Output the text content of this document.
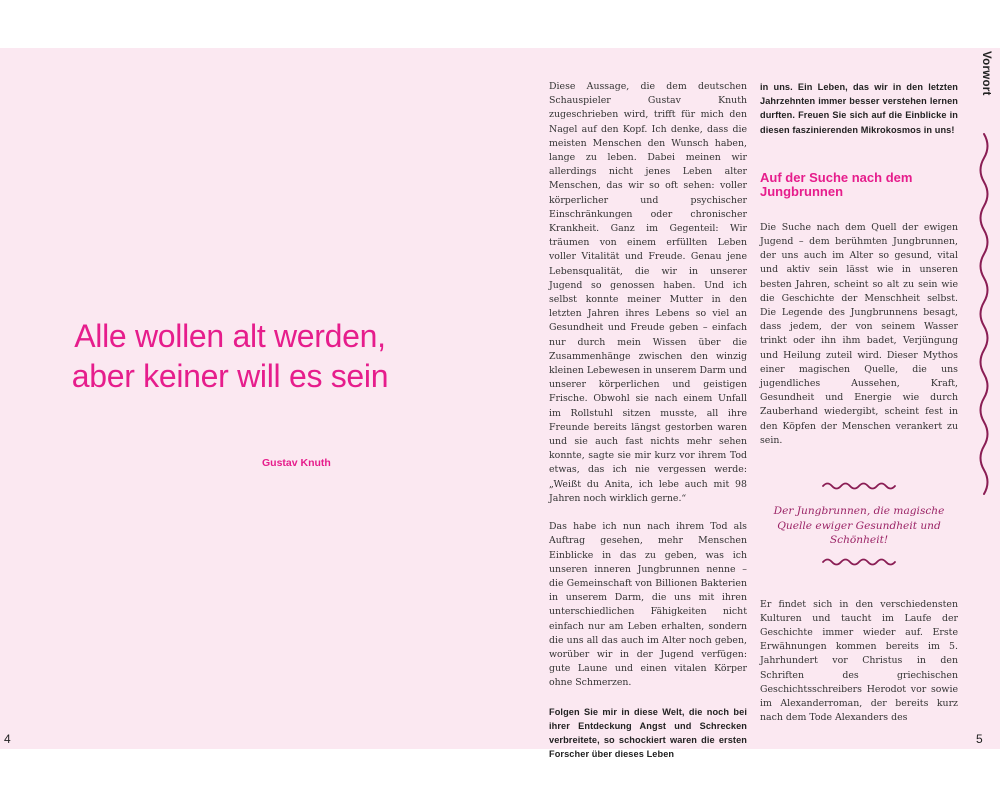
Alle wollen alt werden, aber keiner will es sein
Gustav Knuth
4

Diese Aussage, die dem deutschen Schauspieler Gustav Knuth zugeschrieben wird, trifft für mich den Nagel auf den Kopf. Ich denke, dass die meisten Menschen den Wunsch haben, lange zu leben. Dabei meinen wir allerdings nicht jenes Leben alter Menschen, das wir so oft sehen: voller körperlicher und psychischer Einschränkungen oder chronischer Krankheit. Ganz im Gegenteil: Wir träumen von einem erfüllten Leben voller Vitalität und Freude. Genau jene Lebensqualität, die wir in unserer Jugend so genossen haben. Und ich selbst konnte meiner Mutter in den letzten Jahren ihres Lebens so viel an Gesundheit und Freude geben – einfach nur durch mein Wissen über die Zusammenhänge zwischen den winzig kleinen Lebewesen in unserem Darm und unserer körperlichen und geistigen Frische. Obwohl sie nach einem Unfall im Rollstuhl sitzen musste, all ihre Freunde bereits längst gestorben waren und sie auch fast nichts mehr sehen konnte, sagte sie mir kurz vor ihrem Tod etwas, das ich nie vergessen werde: „Weißt du Anita, ich lebe auch mit 98 Jahren noch wirklich gerne.“

Das habe ich nun nach ihrem Tod als Auftrag gesehen, mehr Menschen Einblicke in das zu geben, was ich unseren inneren Jungbrunnen nenne – die Gemeinschaft von Billionen Bakterien in unserem Darm, die uns mit ihren unterschiedlichen Fähigkeiten nicht einfach nur am Leben erhalten, sondern die uns all das auch im Alter noch geben, worüber wir in der Jugend verfügen: gute Laune und einen vitalen Körper ohne Schmerzen.

Folgen Sie mir in diese Welt, die noch bei ihrer Entdeckung Angst und Schrecken verbreitete, so schockiert waren die ersten Forscher über dieses Leben

in uns. Ein Leben, das wir in den letzten Jahrzehnten immer besser verstehen lernen durften. Freuen Sie sich auf die Einblicke in diesen faszinierenden Mikrokosmos in uns!

Auf der Suche nach dem Jungbrunnen

Die Suche nach dem Quell der ewigen Jugend – dem berühmten Jungbrunnen, der uns auch im Alter so gesund, vital und aktiv sein lässt wie in unseren besten Jahren, scheint so alt zu sein wie die Geschichte der Menschheit selbst. Die Legende des Jungbrunnens besagt, dass jedem, der von seinem Wasser trinkt oder ihn ihm badet, Verjüngung und Heilung zuteil wird. Dieser Mythos einer magischen Quelle, die uns jugendliches Aussehen, Kraft, Gesundheit und Energie wie durch Zauberhand wiedergibt, scheint fest in den Köpfen der Menschen verankert zu sein.

Der Jungbrunnen, die magische Quelle ewiger Gesundheit und Schönheit!

Er findet sich in den verschiedensten Kulturen und taucht im Laufe der Geschichte immer wieder auf. Erste Erwähnungen kommen bereits im 5. Jahrhundert vor Christus in den Schriften des griechischen Geschichtsschreibers Herodot vor sowie im Alexanderroman, der bereits kurz nach dem Tode Alexanders des

Vorwort
5
